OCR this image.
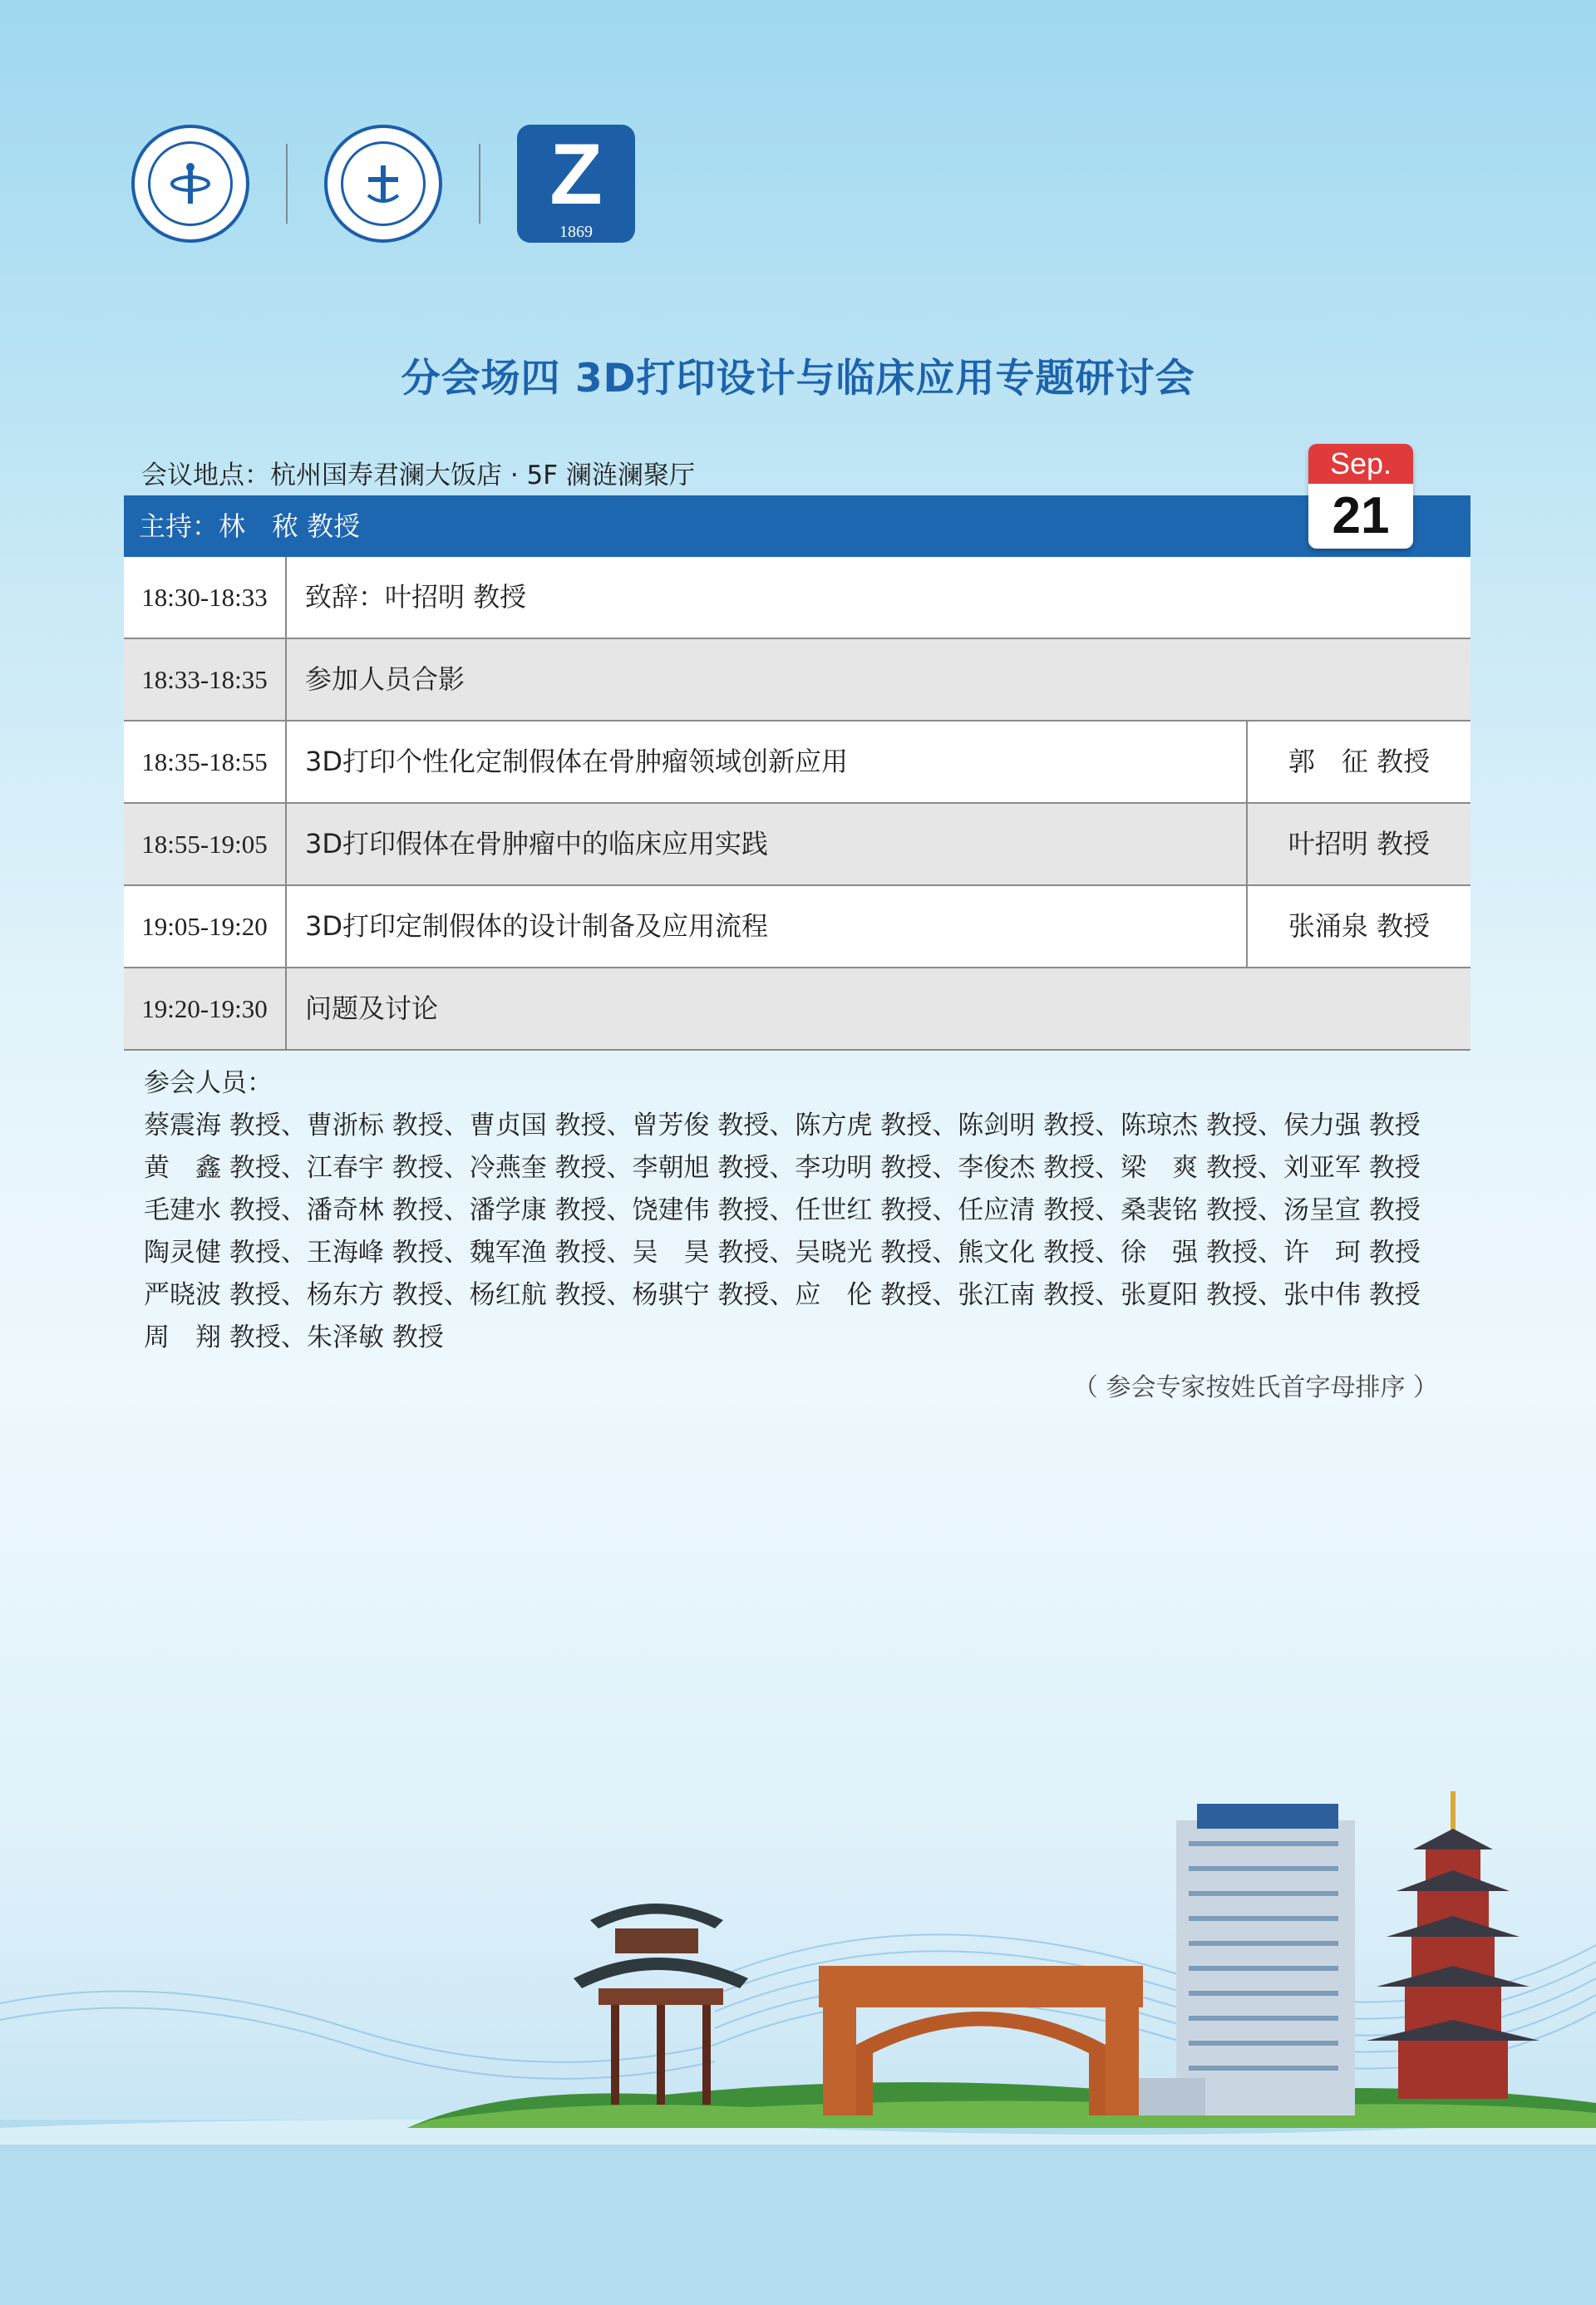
Z
1869
分会场四 3D打印设计与临床应用专题研讨会
会议地点：杭州国寿君澜大饭店 · 5F 澜涟澜聚厅	Sep.
21
主持：林　秾 教授
18:30-18:33	致辞：叶招明 教授
18:33-18:35	参加人员合影
18:35-18:55	3D打印个性化定制假体在骨肿瘤领域创新应用	郭　征 教授
18:55-19:05	3D打印假体在骨肿瘤中的临床应用实践	叶招明 教授
19:05-19:20	3D打印定制假体的设计制备及应用流程	张涌泉 教授
19:20-19:30	问题及讨论
参会人员：
蔡震海 教授、曹浙标 教授、曹贞国 教授、曾芳俊 教授、陈方虎 教授、陈剑明 教授、陈琼杰 教授、侯力强 教授
黄　鑫 教授、江春宇 教授、冷燕奎 教授、李朝旭 教授、李功明 教授、李俊杰 教授、梁　爽 教授、刘亚军 教授
毛建水 教授、潘奇林 教授、潘学康 教授、饶建伟 教授、任世红 教授、任应清 教授、桑裴铭 教授、汤呈宣 教授
陶灵健 教授、王海峰 教授、魏军渔 教授、吴　昊 教授、吴晓光 教授、熊文化 教授、徐　强 教授、许　珂 教授
严晓波 教授、杨东方 教授、杨红航 教授、杨骐宁 教授、应　伦 教授、张江南 教授、张夏阳 教授、张中伟 教授
周　翔 教授、朱泽敏 教授
（ 参会专家按姓氏首字母排序 ）
